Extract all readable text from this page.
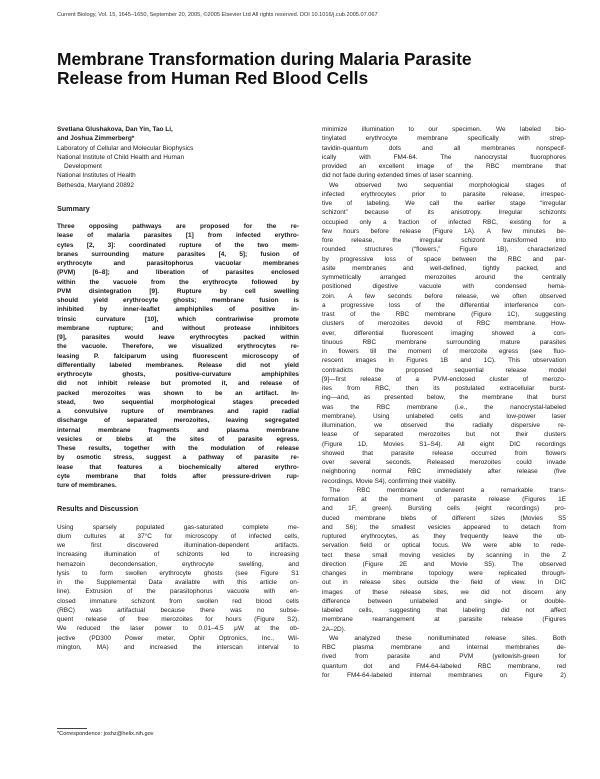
Current Biology, Vol. 15, 1645–1650, September 20, 2005, ©2005 Elsevier Ltd All rights reserved. DOI 10.1016/j.cub.2005.07.067
Membrane Transformation during Malaria Parasite
Release from Human Red Blood Cells
Svetlana Glushakova, Dan Yin, Tao Li,
and Joshua Zimmerberg*
Laboratory of Cellular and Molecular Biophysics
National Institute of Child Health and Human
Development
National Institutes of Health
Bethesda, Maryland 20892
Summary
Three opposing pathways are proposed for the re-
lease of malaria parasites [1] from infected erythro-
cytes [2, 3]: coordinated rupture of the two mem-
branes surrounding mature parasites [4, 5]; fusion of
erythrocyte and parasitophorus vacuolar membranes
(PVM) [6–8]; and liberation of parasites enclosed
within the vacuole from the erythrocyte followed by
PVM disintegration [9]. Rupture by cell swelling
should yield erythrocyte ghosts; membrane fusion is
inhibited by inner-leaflet amphiphiles of positive in-
trinsic curvature [10], which contrariwise promote
membrane rupture; and without protease inhibitors
[9], parasites would leave erythrocytes packed within
the vacuole. Therefore, we visualized erythrocytes re-
leasing P. falciparum using fluorescent microscopy of
differentially labeled membranes. Release did not yield
erythrocyte ghosts, positive-curvature amphiphiles
did not inhibit release but promoted it, and release of
packed merozoites was shown to be an artifact. In-
stead, two sequential morphological stages preceded
a convulsive rupture of membranes and rapid radial
discharge of separated merozoites, leaving segregated
internal membrane fragments and plasma membrane
vesicles or blebs at the sites of parasite egress.
These results, together with the modulation of release
by osmotic stress, suggest a pathway of parasite re-
lease that features a biochemically altered erythro-
cyte membrane that folds after pressure-driven rup-
ture of membranes.
Results and Discussion
Using sparsely populated gas-saturated complete me-
dium cultures at 37°C for microscopy of infected cells,
we first discovered illumination-dependent artifacts.
Increasing illumination of schizonts led to increasing
hemazoin decondensation, erythrocyte swelling, and
lysis to form swollen erythrocyte ghosts (see Figure S1
in the Supplemental Data available with this article on-
line). Extrusion of the parasitophorus vacuole with en-
closed immature schizont from swollen red blood cells
(RBC) was artifactual because there was no subse-
quent release of free merozoites for hours (Figure S2).
We reduced the laser power to 0.01–4.5 μW at the ob-
jective (PD300 Power meter, Ophir Optronics, Inc., Wil-
mington, MA) and increased the interscan interval to
minimize illumination to our specimen. We labeled bio-
tinylated erythrocyte membrane specifically with strep-
tavidin-quantum dots and all membranes nonspecif-
ically with FM4-64. The nanocrystal fluorophores
provided an excellent image of the RBC membrane that
did not fade during extended times of laser scanning.
We observed two sequential morphological stages of
infected erythrocytes prior to parasite release, irrespec-
tive of labeling. We call the earlier stage “irregular
schizont” because of its anisotropy. Irregular schizonts
occupied only a fraction of infected RBC, existing for a
few hours before release (Figure 1A). A few minutes be-
fore release, the irregular schizont transformed into
rounded structures (“flowers,” Figure 1B), characterized
by progressive loss of space between the RBC and par-
asite membranes and well-defined, tightly packed, and
symmetrically arranged merozoites around the centrally
positioned digestive vacuole with condensed hema-
zoin. A few seconds before release, we often observed
a progressive loss of the differential interference con-
trast of the RBC membrane (Figure 1C), suggesting
clusters of merozoites devoid of RBC membrane. How-
ever, differential fluorescent imaging showed a con-
tinuous RBC membrane surrounding mature parasites
in flowers till the moment of merozoite egress (see fluo-
rescent images in Figures 1B and 1C). This observation
contradicts the proposed sequential release model
[9]—first release of a PVM-enclosed cluster of merozo-
ites from RBC, then its postulated extracellular burst-
ing—and, as presented below, the membrane that burst
was the RBC membrane (i.e., the nanocrystal-labeled
membrane). Using unlabeled cells and low-power laser
illumination, we observed the radially dispersive re-
lease of separated merozoites but not their clusters
(Figure 1D, Movies S1–S4). All eight DIC recordings
showed that parasite release occurred from flowers
over several seconds. Released merozoites could invade
neighboring normal RBC immediately after release (five
recordings, Movie S4), confirming their viability.
The RBC membrane underwent a remarkable trans-
formation at the moment of parasite release (Figures 1E
and 1F, green). Bursting cells (eight recordings) pro-
duced membrane blebs of different sizes (Movies S5
and S6); the smallest vesicles appeared to detach from
ruptured erythrocytes, as they frequently leave the ob-
servation field or optical focus. We were able to rede-
tect these small moving vesicles by scanning in the Z
direction (Figure 2E and Movie S5). The observed
changes in membrane topology were replicated through-
out in release sites outside the field of view. In DIC
images of these release sites, we did not discern any
difference between unlabeled and single- or double-
labeled cells, suggesting that labeling did not affect
membrane rearrangement at parasite release (Figures
2A–2D).
We analyzed these nonilluminated release sites. Both
RBC plasma membrane and internal membranes de-
rived from parasite and PVM (yellowish-green for
quantum dot and FM4-64-labeled RBC membrane, red
for FM4-64-labeled internal membranes on Figure 2)
*Correspondence: joshz@helix.nih.gov
